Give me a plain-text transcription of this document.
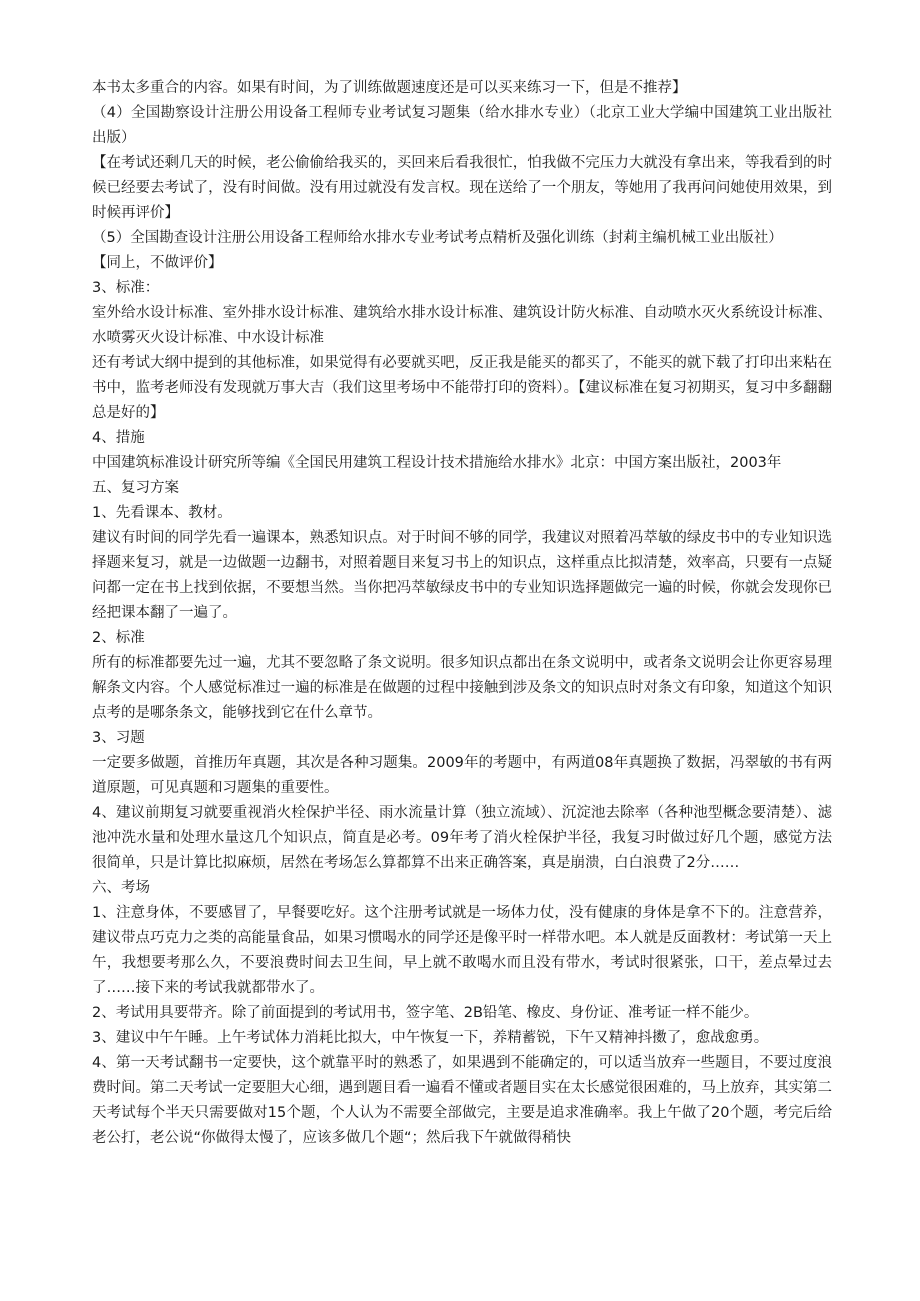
本书太多重合的内容。如果有时间，为了训练做题速度还是可以买来练习一下，但是不推荐】

（4）全国勘察设计注册公用设备工程师专业考试复习题集（给水排水专业）（北京工业大学编中国建筑工业出版社出版）

【在考试还剩几天的时候，老公偷偷给我买的，买回来后看我很忙，怕我做不完压力大就没有拿出来，等我看到的时候已经要去考试了，没有时间做。没有用过就没有发言权。现在送给了一个朋友，等她用了我再问问她使用效果，到时候再评价】

（5）全国勘查设计注册公用设备工程师给水排水专业考试考点精析及强化训练（封莉主编机械工业出版社）

【同上，不做评价】

3、标准：

室外给水设计标准、室外排水设计标准、建筑给水排水设计标准、建筑设计防火标准、自动喷水灭火系统设计标准、水喷雾灭火设计标准、中水设计标准

还有考试大纲中提到的其他标准，如果觉得有必要就买吧，反正我是能买的都买了，不能买的就下载了打印出来粘在书中，监考老师没有发现就万事大吉（我们这里考场中不能带打印的资料）。【建议标准在复习初期买，复习中多翻翻总是好的】

4、措施

中国建筑标准设计研究所等编《全国民用建筑工程设计技术措施给水排水》北京：中国方案出版社，2003年

五、复习方案

1、先看课本、教材。

建议有时间的同学先看一遍课本，熟悉知识点。对于时间不够的同学，我建议对照着冯萃敏的绿皮书中的专业知识选择题来复习，就是一边做题一边翻书，对照着题目来复习书上的知识点，这样重点比拟清楚，效率高，只要有一点疑问都一定在书上找到依据，不要想当然。当你把冯萃敏绿皮书中的专业知识选择题做完一遍的时候，你就会发现你已经把课本翻了一遍了。

2、标准

所有的标准都要先过一遍，尤其不要忽略了条文说明。很多知识点都出在条文说明中，或者条文说明会让你更容易理解条文内容。个人感觉标准过一遍的标准是在做题的过程中接触到涉及条文的知识点时对条文有印象，知道这个知识点考的是哪条条文，能够找到它在什么章节。

3、习题

一定要多做题，首推历年真题，其次是各种习题集。2009年的考题中，有两道08年真题换了数据，冯翠敏的书有两道原题，可见真题和习题集的重要性。

4、建议前期复习就要重视消火栓保护半径、雨水流量计算（独立流域）、沉淀池去除率（各种池型概念要清楚）、滤池冲洗水量和处理水量这几个知识点，简直是必考。09年考了消火栓保护半径，我复习时做过好几个题，感觉方法很简单，只是计算比拟麻烦，居然在考场怎么算都算不出来正确答案，真是崩溃，白白浪费了2分……

六、考场

1、注意身体，不要感冒了，早餐要吃好。这个注册考试就是一场体力仗，没有健康的身体是拿不下的。注意营养，建议带点巧克力之类的高能量食品，如果习惯喝水的同学还是像平时一样带水吧。本人就是反面教材：考试第一天上午，我想要考那么久，不要浪费时间去卫生间，早上就不敢喝水而且没有带水，考试时很紧张，口干，差点晕过去了……接下来的考试我就都带水了。

2、考试用具要带齐。除了前面提到的考试用书，签字笔、2B铅笔、橡皮、身份证、准考证一样不能少。

3、建议中午午睡。上午考试体力消耗比拟大，中午恢复一下，养精蓄锐，下午又精神抖擞了，愈战愈勇。

4、第一天考试翻书一定要快，这个就靠平时的熟悉了，如果遇到不能确定的，可以适当放弃一些题目，不要过度浪费时间。第二天考试一定要胆大心细，遇到题目看一遍看不懂或者题目实在太长感觉很困难的，马上放弃，其实第二天考试每个半天只需要做对15个题，个人认为不需要全部做完，主要是追求准确率。我上午做了20个题，考完后给老公打，老公说“你做得太慢了，应该多做几个题“；然后我下午就做得稍快
